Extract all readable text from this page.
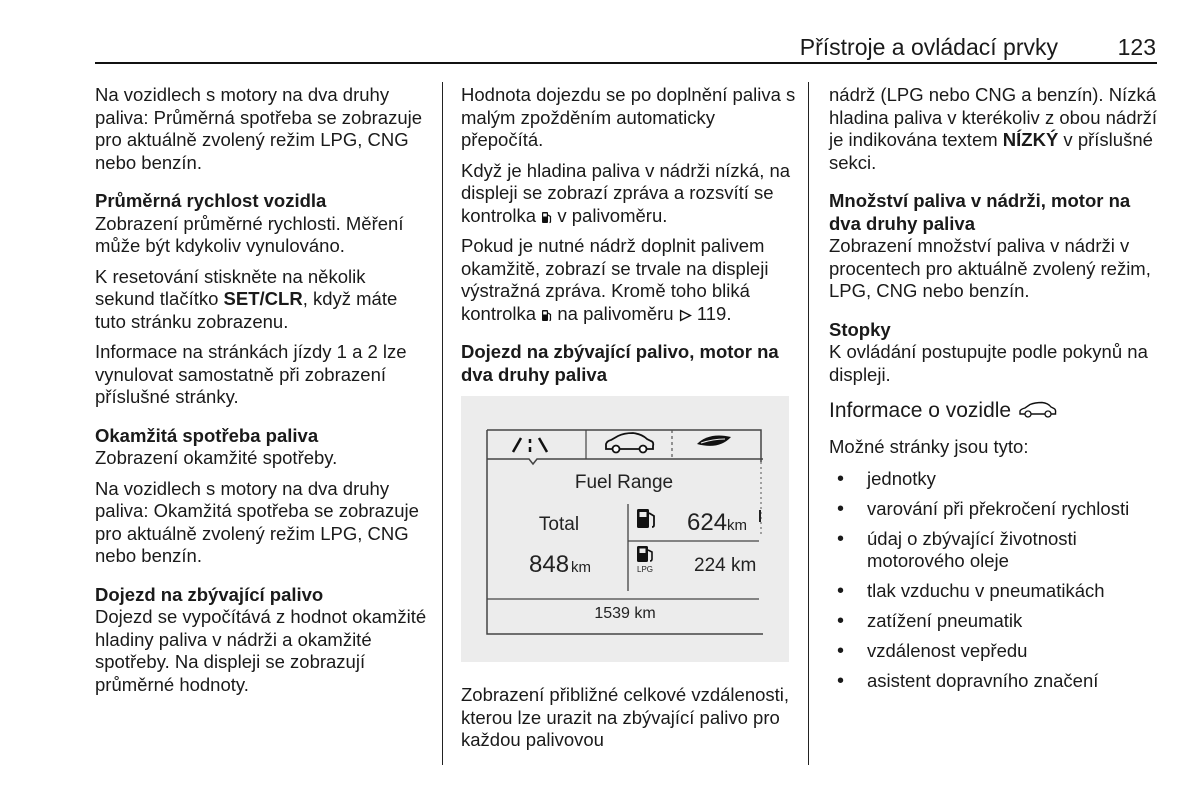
Přístroje a ovládací prvky	123

Na vozidlech s motory na dva druhy paliva: Průměrná spotřeba se zobrazuje pro aktuálně zvolený režim LPG, CNG nebo benzín.

Průměrná rychlost vozidla

Zobrazení průměrné rychlosti. Měření může být kdykoliv vynulováno.

K resetování stiskněte na několik sekund tlačítko SET/CLR, když máte tuto stránku zobrazenu.

Informace na stránkách jízdy 1 a 2 lze vynulovat samostatně při zobrazení příslušné stránky.

Okamžitá spotřeba paliva

Zobrazení okamžité spotřeby.

Na vozidlech s motory na dva druhy paliva: Okamžitá spotřeba se zobrazuje pro aktuálně zvolený režim LPG, CNG nebo benzín.

Dojezd na zbývající palivo

Dojezd se vypočítává z hodnot okamžité hladiny paliva v nádrži a okamžité spotřeby. Na displeji se zobrazují průměrné hodnoty.

Hodnota dojezdu se po doplnění paliva s malým zpožděním automaticky přepočítá.

Když je hladina paliva v nádrži nízká, na displeji se zobrazí zpráva a rozsvítí se kontrolka  v palivoměru.

Pokud je nutné nádrž doplnit palivem okamžitě, zobrazí se trvale na displeji výstražná zpráva. Kromě toho bliká kontrolka  na palivoměru  119.

Dojezd na zbývající palivo, motor na dva druhy paliva

Fuel Range
Total
848 km
624 km
LPG 224 km
1539 km

Zobrazení přibližné celkové vzdálenosti, kterou lze urazit na zbývající palivo pro každou palivovou

nádrž (LPG nebo CNG a benzín). Nízká hladina paliva v kterékoliv z obou nádrží je indikována textem NÍZKÝ v příslušné sekci.

Množství paliva v nádrži, motor na dva druhy paliva

Zobrazení množství paliva v nádrži v procentech pro aktuálně zvolený režim, LPG, CNG nebo benzín.

Stopky

K ovládání postupujte podle pokynů na displeji.

Informace o vozidle

Možné stránky jsou tyto:

• jednotky
• varování při překročení rychlosti
• údaj o zbývající životnosti motorového oleje
• tlak vzduchu v pneumatikách
• zatížení pneumatik
• vzdálenost vepředu
• asistent dopravního značení
